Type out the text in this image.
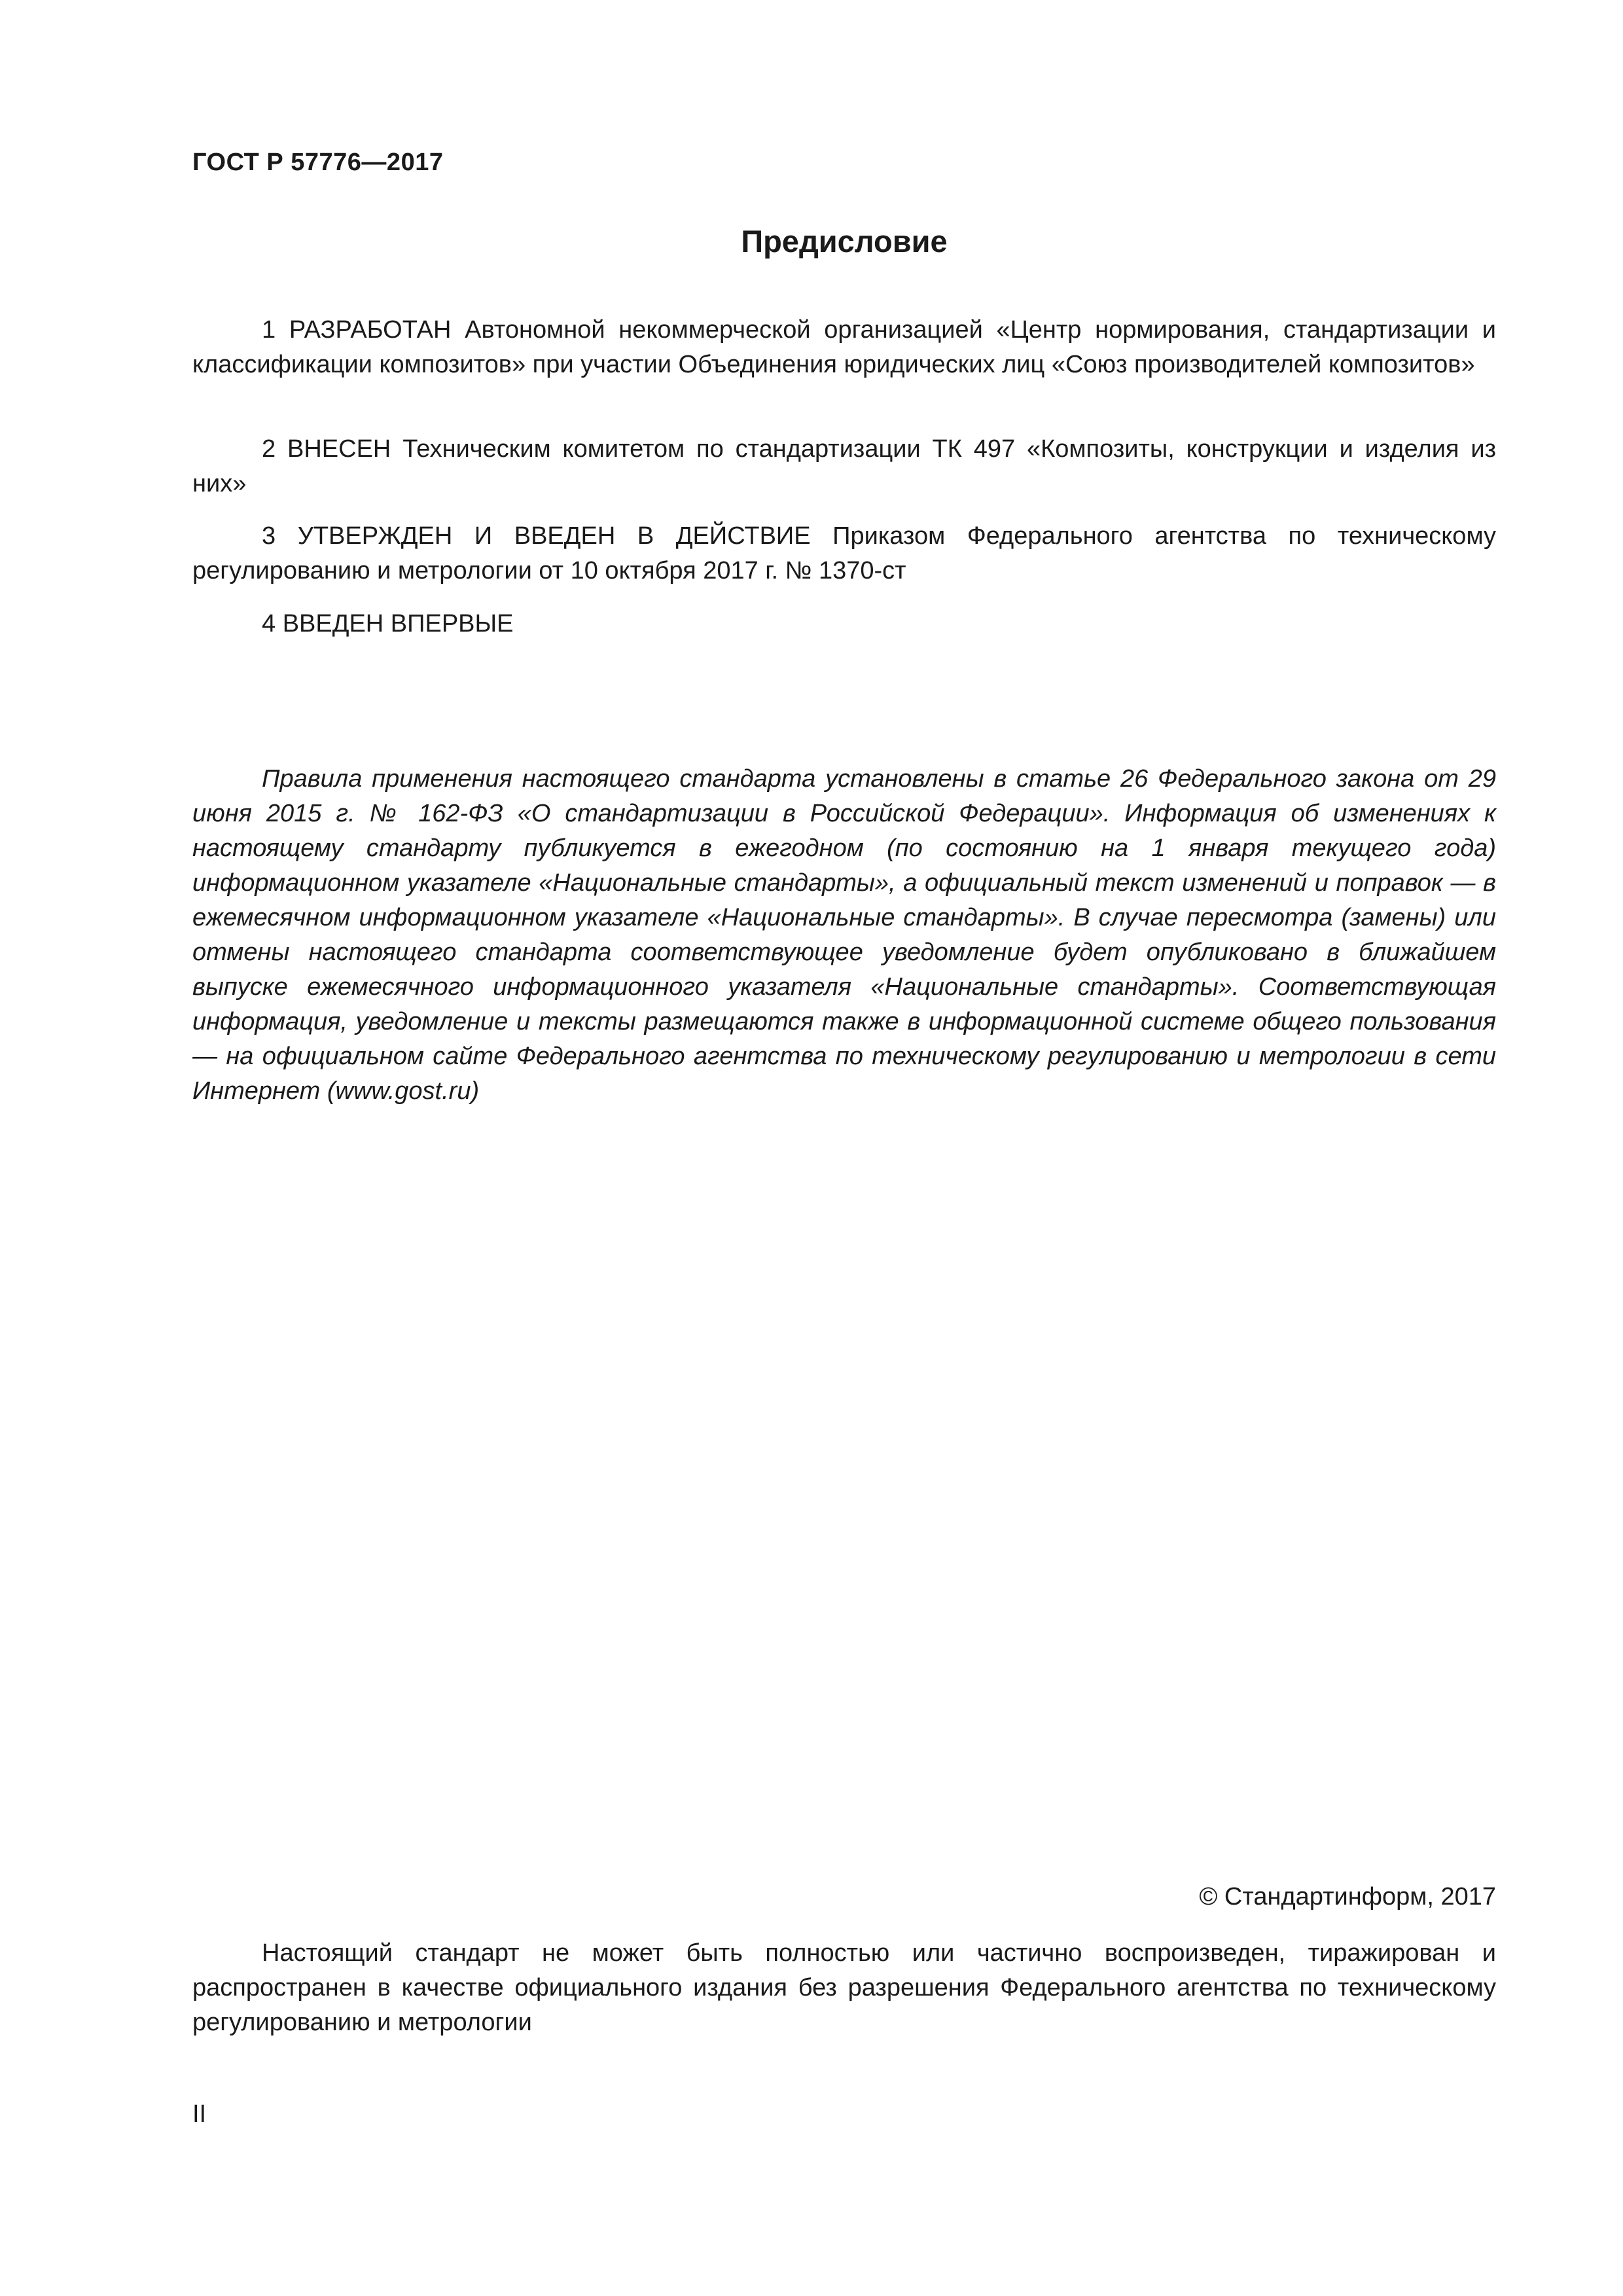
ГОСТ Р 57776—2017
Предисловие

1 РАЗРАБОТАН Автономной некоммерческой организацией «Центр нормирования, стандартизации и классификации композитов» при участии Объединения юридических лиц «Союз производителей композитов»

2 ВНЕСЕН Техническим комитетом по стандартизации ТК 497 «Композиты, конструкции и изделия из них»

3 УТВЕРЖДЕН И ВВЕДЕН В ДЕЙСТВИЕ Приказом Федерального агентства по техническому регулированию и метрологии от 10 октября 2017 г. № 1370-ст

4 ВВЕДЕН ВПЕРВЫЕ

Правила применения настоящего стандарта установлены в статье 26 Федерального закона от 29 июня 2015 г. № 162-ФЗ «О стандартизации в Российской Федерации». Информация об изменениях к настоящему стандарту публикуется в ежегодном (по состоянию на 1 января текущего года) информационном указателе «Национальные стандарты», а официальный текст изменений и поправок — в ежемесячном информационном указателе «Национальные стандарты». В случае пересмотра (замены) или отмены настоящего стандарта соответствующее уведомление будет опубликовано в ближайшем выпуске ежемесячного информационного указателя «Национальные стандарты». Соответствующая информация, уведомление и тексты размещаются также в информационной системе общего пользования — на официальном сайте Федерального агентства по техническому регулированию и метрологии в сети Интернет (www.gost.ru)

© Стандартинформ, 2017

Настоящий стандарт не может быть полностью или частично воспроизведен, тиражирован и распространен в качестве официального издания без разрешения Федерального агентства по техническому регулированию и метрологии

II
